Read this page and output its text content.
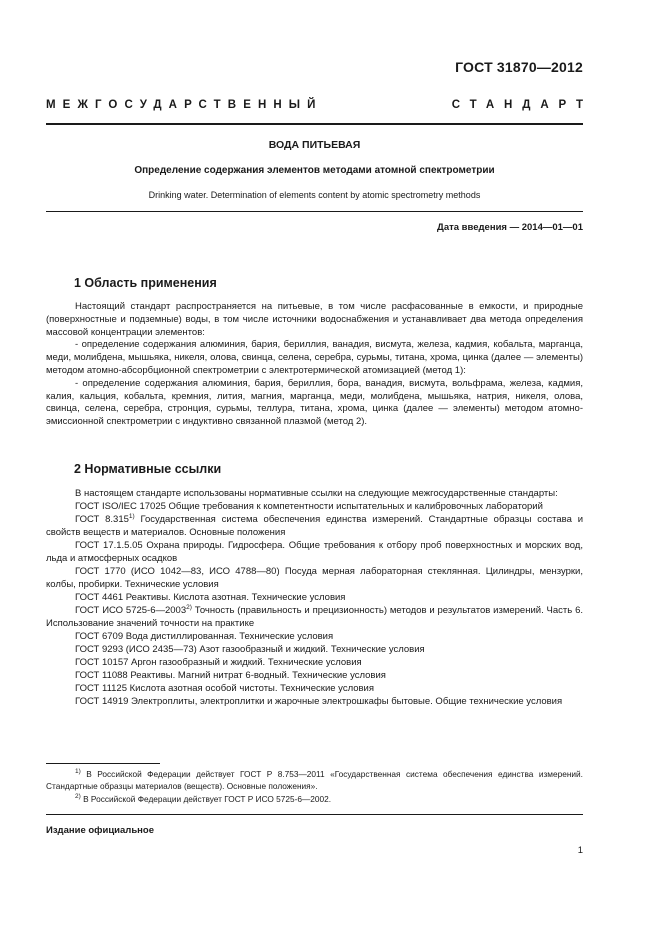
ГОСТ 31870—2012
МЕЖГОСУДАРСТВЕННЫЙ	СТАНДАРТ
ВОДА ПИТЬЕВАЯ
Определение содержания элементов методами атомной спектрометрии
Drinking water. Determination of elements content by atomic spectrometry methods
Дата введения — 2014—01—01
1 Область применения

Настоящий стандарт распространяется на питьевые, в том числе расфасованные в емкости, и природные (поверхностные и подземные) воды, в том числе источники водоснабжения и устанавливает два метода определения массовой концентрации элементов:

- определение содержания алюминия, бария, бериллия, ванадия, висмута, железа, кадмия, кобальта, марганца, меди, молибдена, мышьяка, никеля, олова, свинца, селена, серебра, сурьмы, титана, хрома, цинка (далее — элементы) методом атомно-абсорбционной спектрометрии с электротермической атомизацией (метод 1):

- определение содержания алюминия, бария, бериллия, бора, ванадия, висмута, вольфрама, железа, кадмия, калия, кальция, кобальта, кремния, лития, магния, марганца, меди, молибдена, мышьяка, натрия, никеля, олова, свинца, селена, серебра, стронция, сурьмы, теллура, титана, хрома, цинка (далее — элементы) методом атомно-эмиссионной спектрометрии с индуктивно связанной плазмой (метод 2).

2 Нормативные ссылки

В настоящем стандарте использованы нормативные ссылки на следующие межгосударственные стандарты:

ГОСТ ISO/IEC 17025 Общие требования к компетентности испытательных и калибровочных лабораторий

ГОСТ 8.315$^{1)}$ Государственная система обеспечения единства измерений. Стандартные образцы состава и свойств веществ и материалов. Основные положения

ГОСТ 17.1.5.05 Охрана природы. Гидросфера. Общие требования к отбору проб поверхностных и морских вод, льда и атмосферных осадков

ГОСТ 1770 (ИСО 1042—83, ИСО 4788—80) Посуда мерная лабораторная стеклянная. Цилиндры, мензурки, колбы, пробирки. Технические условия

ГОСТ 4461 Реактивы. Кислота азотная. Технические условия

ГОСТ ИСО 5725-6—2003$^{2)}$ Точность (правильность и прецизионность) методов и результатов измерений. Часть 6. Использование значений точности на практике

ГОСТ 6709 Вода дистиллированная. Технические условия

ГОСТ 9293 (ИСО 2435—73) Азот газообразный и жидкий. Технические условия

ГОСТ 10157 Аргон газообразный и жидкий. Технические условия

ГОСТ 11088 Реактивы. Магний нитрат 6-водный. Технические условия

ГОСТ 11125 Кислота азотная особой чистоты. Технические условия

ГОСТ 14919 Электроплиты, электроплитки и жарочные электрошкафы бытовые. Общие технические условия

$^{1)}$ В Российской Федерации действует ГОСТ Р 8.753—2011 «Государственная система обеспечения единства измерений. Стандартные образцы материалов (веществ). Основные положения».

$^{2)}$ В Российской Федерации действует ГОСТ Р ИСО 5725-6—2002.

Издание официальное
1
